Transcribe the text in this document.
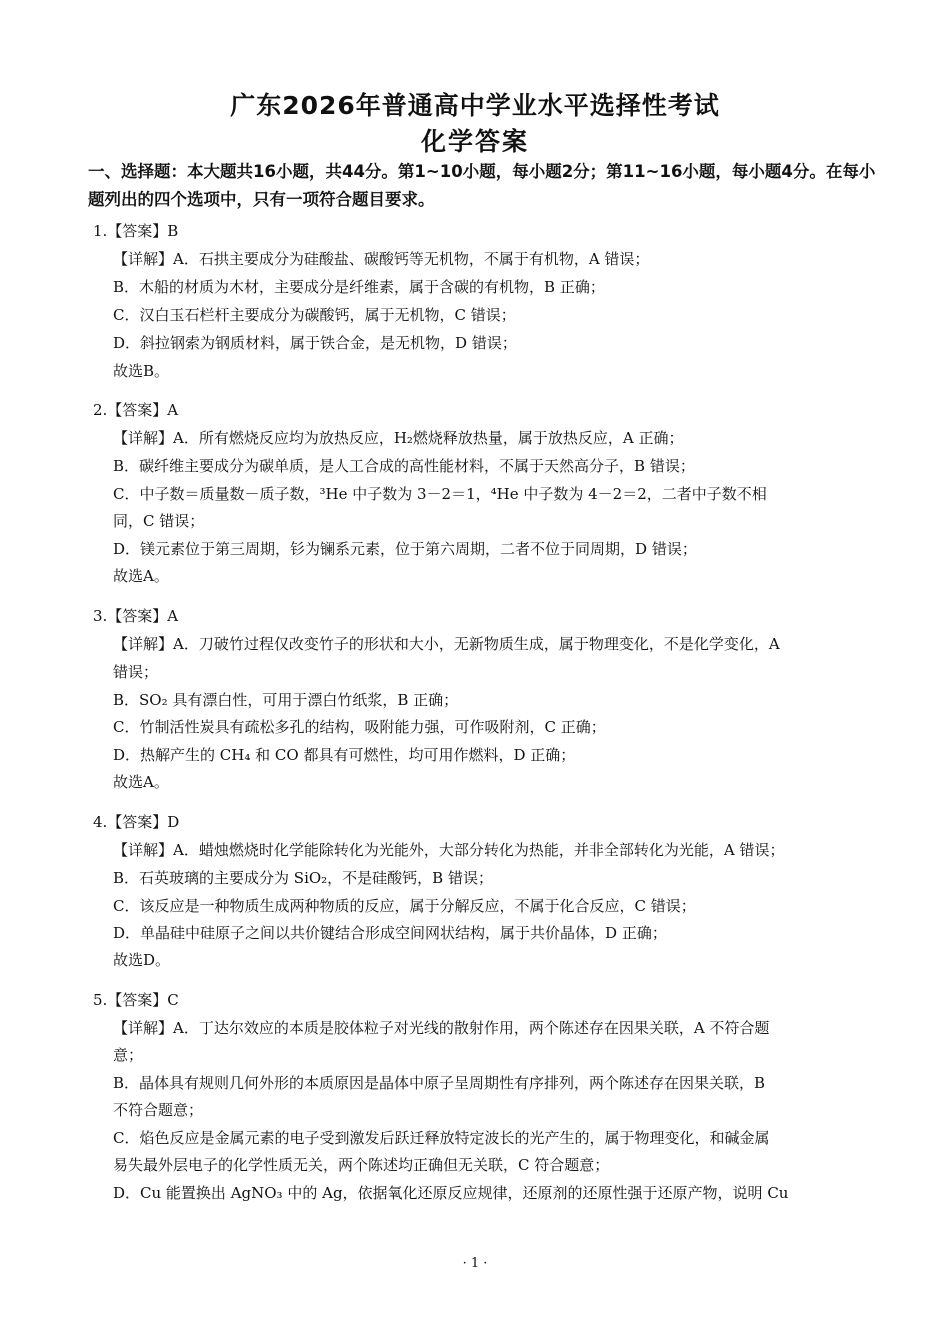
广东2026年普通高中学业水平选择性考试
化学答案
一、选择题：本大题共16小题，共44分。第1~10小题，每小题2分；第11~16小题，每小题4分。在每小题列出的四个选项中，只有一项符合题目要求。
1.【答案】B
【详解】A．石拱主要成分为硅酸盐、碳酸钙等无机物，不属于有机物，A 错误；
B．木船的材质为木材，主要成分是纤维素，属于含碳的有机物，B 正确；
C．汉白玉石栏杆主要成分为碳酸钙，属于无机物，C 错误；
D．斜拉钢索为钢质材料，属于铁合金，是无机物，D 错误；
故选B。
2.【答案】A
【详解】A．所有燃烧反应均为放热反应，H₂燃烧释放热量，属于放热反应，A 正确；
B．碳纤维主要成分为碳单质，是人工合成的高性能材料，不属于天然高分子，B 错误；
C．中子数＝质量数－质子数，³He 中子数为 3－2＝1，⁴He 中子数为 4－2＝2，二者中子数不相
同，C 错误；
D．镁元素位于第三周期，钐为镧系元素，位于第六周期，二者不位于同周期，D 错误；
故选A。
3.【答案】A
【详解】A．刀破竹过程仅改变竹子的形状和大小，无新物质生成，属于物理变化，不是化学变化，A
错误；
B．SO₂ 具有漂白性，可用于漂白竹纸浆，B 正确；
C．竹制活性炭具有疏松多孔的结构，吸附能力强，可作吸附剂，C 正确；
D．热解产生的 CH₄ 和 CO 都具有可燃性，均可用作燃料，D 正确；
故选A。
4.【答案】D
【详解】A．蜡烛燃烧时化学能除转化为光能外，大部分转化为热能，并非全部转化为光能，A 错误；
B．石英玻璃的主要成分为 SiO₂，不是硅酸钙，B 错误；
C．该反应是一种物质生成两种物质的反应，属于分解反应，不属于化合反应，C 错误；
D．单晶硅中硅原子之间以共价键结合形成空间网状结构，属于共价晶体，D 正确；
故选D。
5.【答案】C
【详解】A．丁达尔效应的本质是胶体粒子对光线的散射作用，两个陈述存在因果关联，A 不符合题
意；
B．晶体具有规则几何外形的本质原因是晶体中原子呈周期性有序排列，两个陈述存在因果关联，B
不符合题意；
C．焰色反应是金属元素的电子受到激发后跃迁释放特定波长的光产生的，属于物理变化，和碱金属
易失最外层电子的化学性质无关，两个陈述均正确但无关联，C 符合题意；
D．Cu 能置换出 AgNO₃ 中的 Ag，依据氧化还原反应规律，还原剂的还原性强于还原产物，说明 Cu
· 1 ·
